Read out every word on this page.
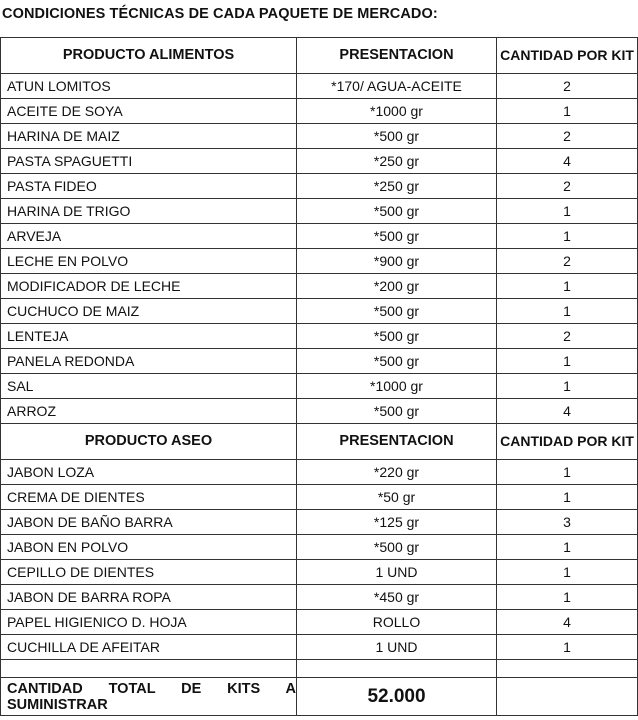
CONDICIONES TÉCNICAS DE CADA PAQUETE DE MERCADO:
PRODUCTO ALIMENTOS	PRESENTACION	CANTIDAD POR KIT
ATUN LOMITOS	*170/ AGUA-ACEITE	2
ACEITE DE SOYA	*1000 gr	1
HARINA DE MAIZ	*500 gr	2
PASTA SPAGUETTI	*250 gr	4
PASTA FIDEO	*250 gr	2
HARINA DE TRIGO	*500 gr	1
ARVEJA	*500 gr	1
LECHE EN POLVO	*900 gr	2
MODIFICADOR DE LECHE	*200 gr	1
CUCHUCO DE MAIZ	*500 gr	1
LENTEJA	*500 gr	2
PANELA REDONDA	*500 gr	1
SAL	*1000 gr	1
ARROZ	*500 gr	4
PRODUCTO ASEO	PRESENTACION	CANTIDAD POR KIT
JABON LOZA	*220 gr	1
CREMA DE DIENTES	*50 gr	1
JABON DE BAÑO BARRA	*125 gr	3
JABON EN POLVO	*500 gr	1
CEPILLO DE DIENTES	1 UND	1
JABON DE BARRA ROPA	*450 gr	1
PAPEL HIGIENICO D. HOJA	ROLLO	4
CUCHILLA DE AFEITAR	1 UND	1

CANTIDAD TOTAL DE KITS A SUMINISTRAR	52.000	
